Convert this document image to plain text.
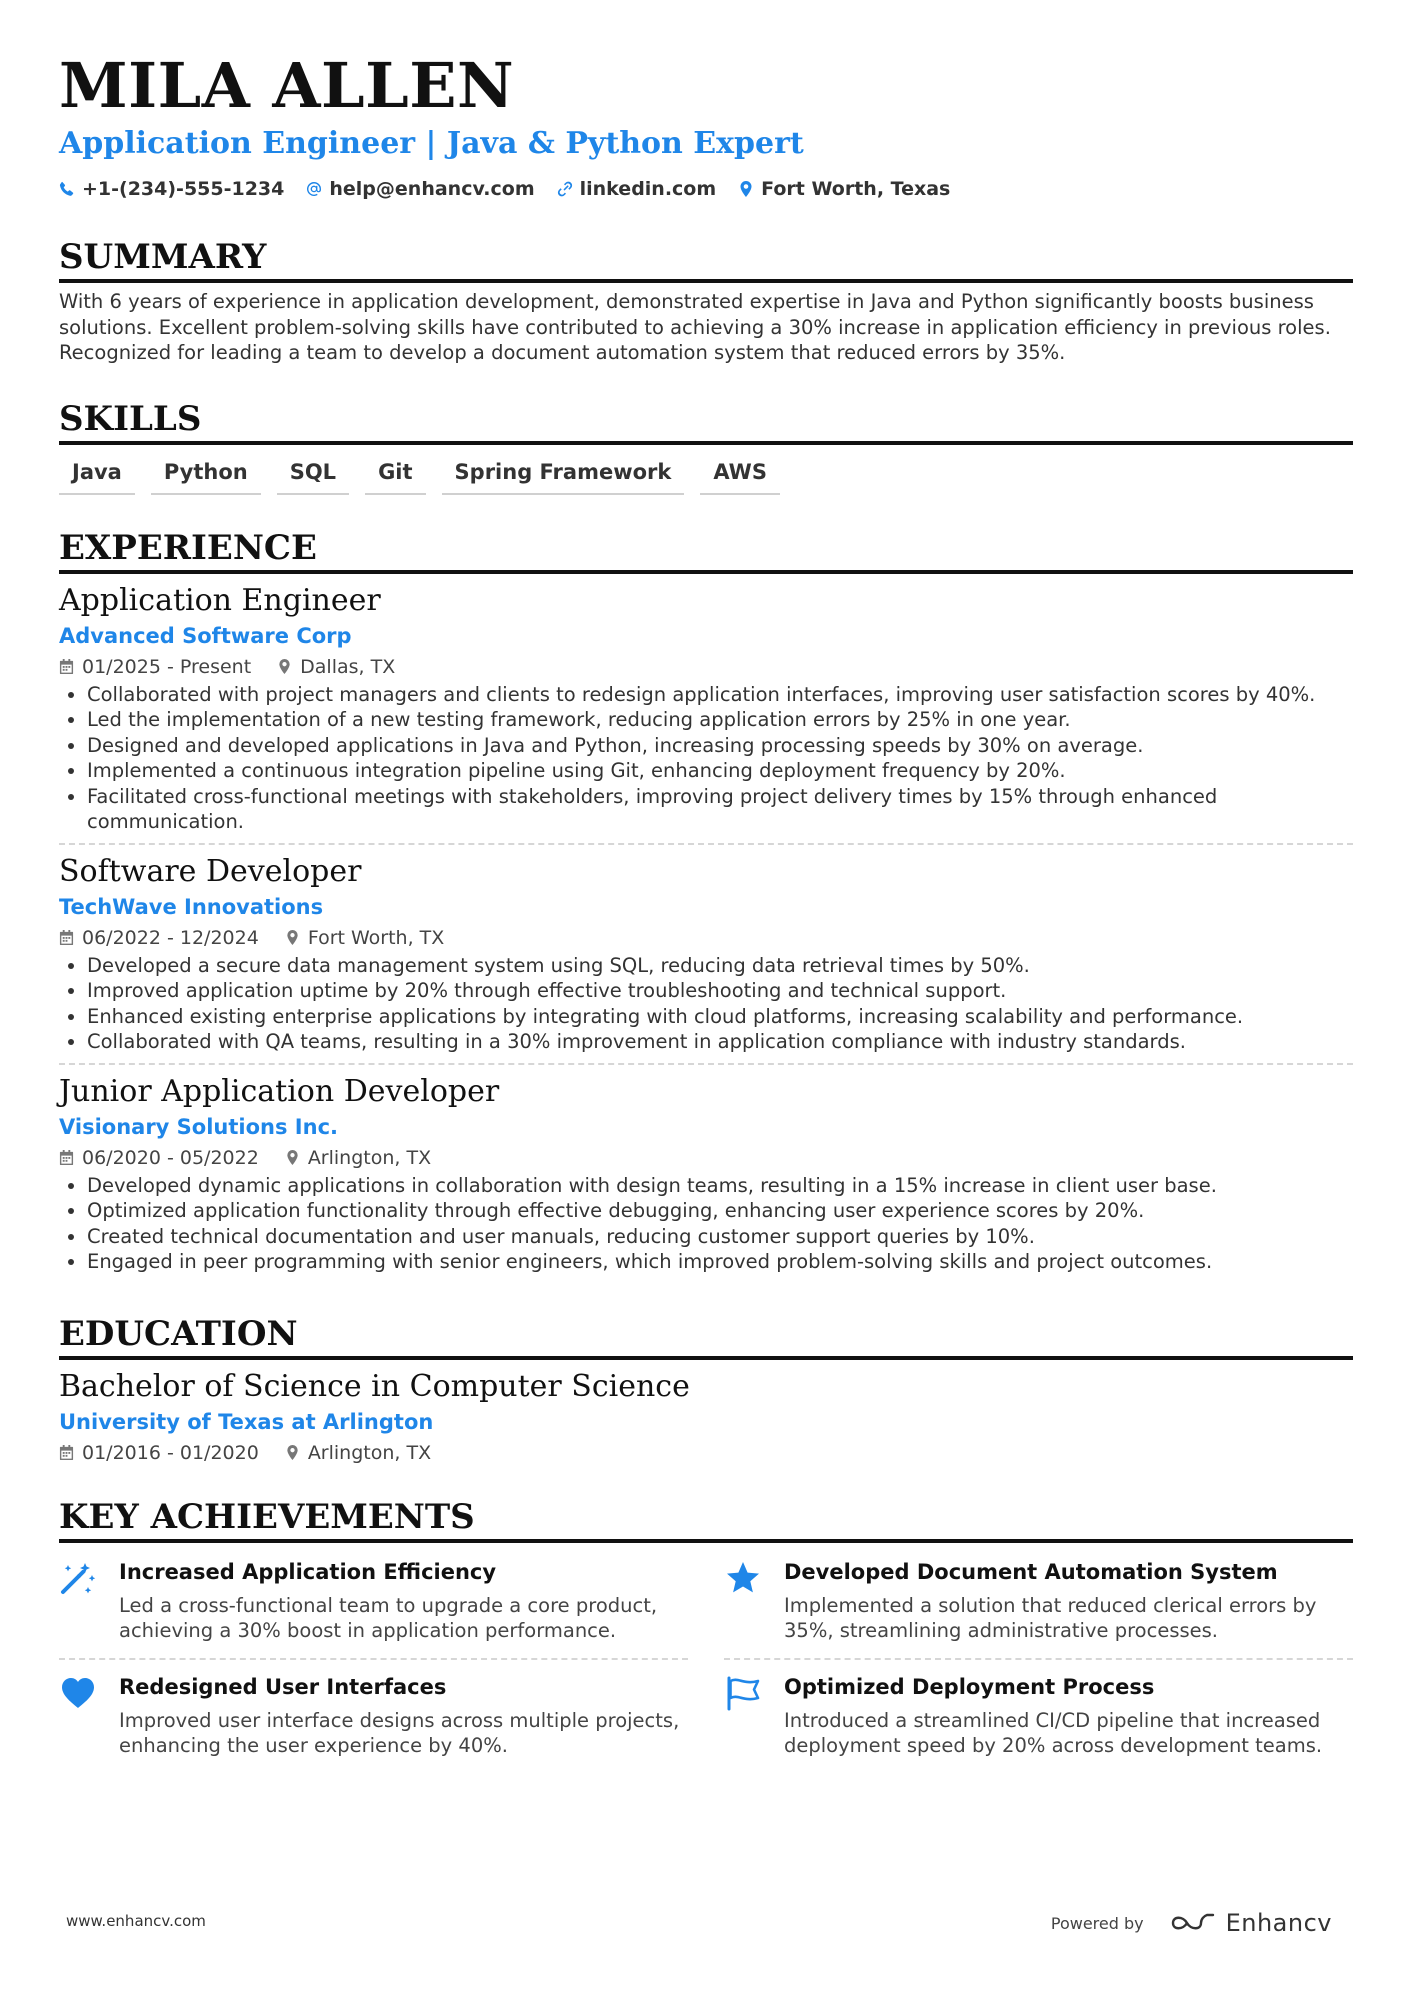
MILA ALLEN
Application Engineer | Java & Python Expert
+1-(234)-555-1234 help@enhancv.com linkedin.com Fort Worth, Texas
SUMMARY

With 6 years of experience in application development, demonstrated expertise in Java and Python significantly boosts business solutions. Excellent problem-solving skills have contributed to achieving a 30% increase in application efficiency in previous roles. Recognized for leading a team to develop a document automation system that reduced errors by 35%.

SKILLS
Java	Python	SQL	Git	Spring Framework	AWS
EXPERIENCE
Application Engineer
Advanced Software Corp
01/2025 - Present	Dallas, TX
• Collaborated with project managers and clients to redesign application interfaces, improving user satisfaction scores by 40%.
• Led the implementation of a new testing framework, reducing application errors by 25% in one year.
• Designed and developed applications in Java and Python, increasing processing speeds by 30% on average.
• Implemented a continuous integration pipeline using Git, enhancing deployment frequency by 20%.
• Facilitated cross-functional meetings with stakeholders, improving project delivery times by 15% through enhanced communication.
Software Developer
TechWave Innovations
06/2022 - 12/2024	Fort Worth, TX
• Developed a secure data management system using SQL, reducing data retrieval times by 50%.
• Improved application uptime by 20% through effective troubleshooting and technical support.
• Enhanced existing enterprise applications by integrating with cloud platforms, increasing scalability and performance.
• Collaborated with QA teams, resulting in a 30% improvement in application compliance with industry standards.
Junior Application Developer
Visionary Solutions Inc.
06/2020 - 05/2022	Arlington, TX
• Developed dynamic applications in collaboration with design teams, resulting in a 15% increase in client user base.
• Optimized application functionality through effective debugging, enhancing user experience scores by 20%.
• Created technical documentation and user manuals, reducing customer support queries by 10%.
• Engaged in peer programming with senior engineers, which improved problem-solving skills and project outcomes.
EDUCATION
Bachelor of Science in Computer Science
University of Texas at Arlington
01/2016 - 01/2020	Arlington, TX
KEY ACHIEVEMENTS
Increased Application Efficiency
Led a cross-functional team to upgrade a core product, achieving a 30% boost in application performance.
Developed Document Automation System
Implemented a solution that reduced clerical errors by 35%, streamlining administrative processes.
Redesigned User Interfaces
Improved user interface designs across multiple projects, enhancing the user experience by 40%.
Optimized Deployment Process
Introduced a streamlined CI/CD pipeline that increased deployment speed by 20% across development teams.
www.enhancv.com	Powered by	Enhancv
